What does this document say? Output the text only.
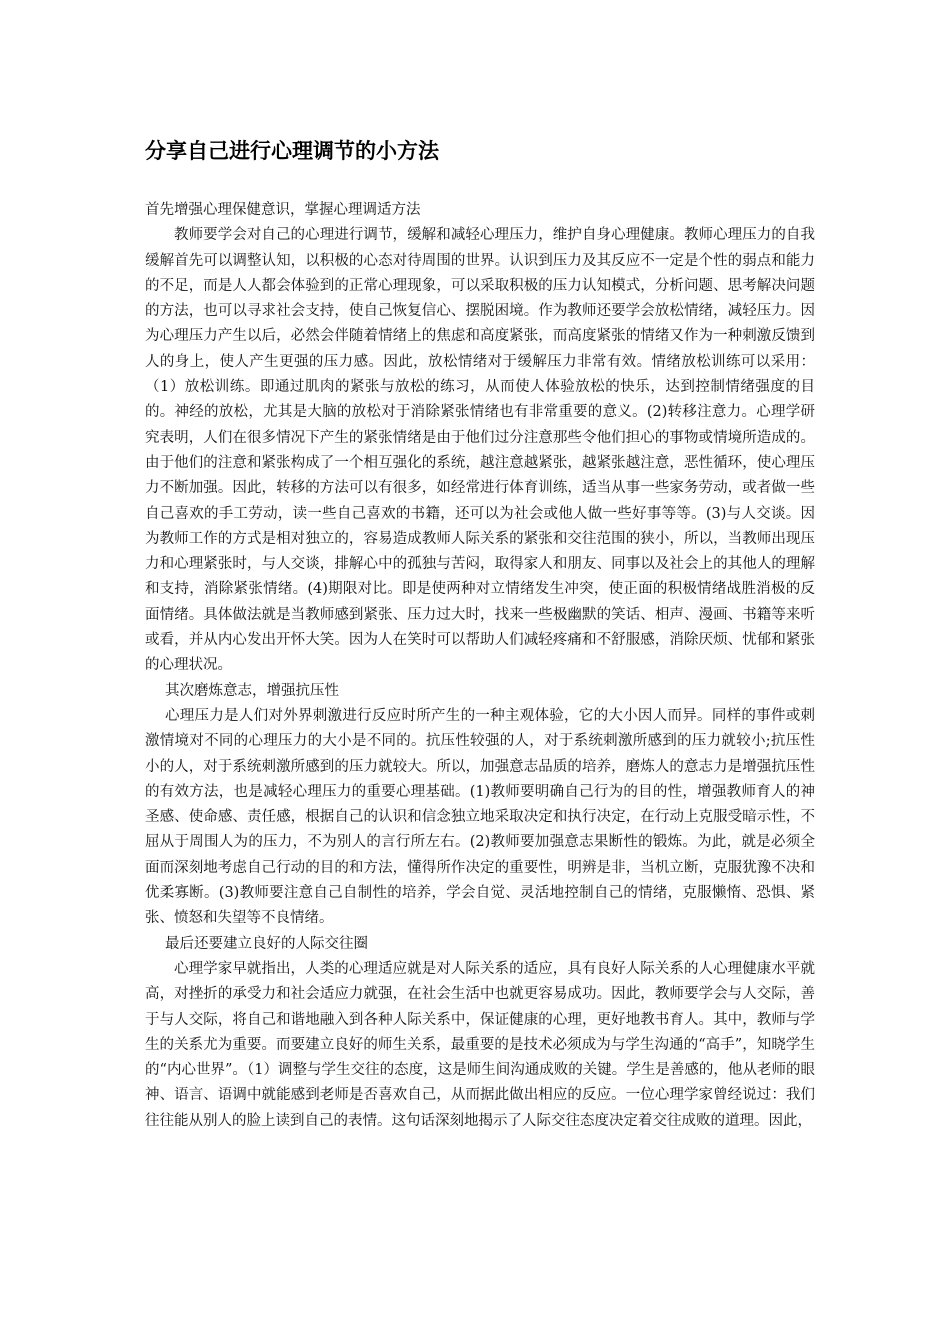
分享自己进行心理调节的小方法

首先增强心理保健意识，掌握心理调适方法

教师要学会对自己的心理进行调节，缓解和减轻心理压力，维护自身心理健康。教师心理压力的自我缓解首先可以调整认知，以积极的心态对待周围的世界。认识到压力及其反应不一定是个性的弱点和能力的不足，而是人人都会体验到的正常心理现象，可以采取积极的压力认知模式，分析问题、思考解决问题的方法，也可以寻求社会支持，使自己恢复信心、摆脱困境。作为教师还要学会放松情绪，减轻压力。因为心理压力产生以后，必然会伴随着情绪上的焦虑和高度紧张，而高度紧张的情绪又作为一种刺激反馈到人的身上，使人产生更强的压力感。因此，放松情绪对于缓解压力非常有效。情绪放松训练可以采用：（1）放松训练。即通过肌肉的紧张与放松的练习，从而使人体验放松的快乐，达到控制情绪强度的目的。神经的放松，尤其是大脑的放松对于消除紧张情绪也有非常重要的意义。(2)转移注意力。心理学研究表明，人们在很多情况下产生的紧张情绪是由于他们过分注意那些令他们担心的事物或情境所造成的。由于他们的注意和紧张构成了一个相互强化的系统，越注意越紧张，越紧张越注意，恶性循环，使心理压力不断加强。因此，转移的方法可以有很多，如经常进行体育训练，适当从事一些家务劳动，或者做一些自己喜欢的手工劳动，读一些自己喜欢的书籍，还可以为社会或他人做一些好事等等。(3)与人交谈。因为教师工作的方式是相对独立的，容易造成教师人际关系的紧张和交往范围的狭小，所以，当教师出现压力和心理紧张时，与人交谈，排解心中的孤独与苦闷，取得家人和朋友、同事以及社会上的其他人的理解和支持，消除紧张情绪。(4)期限对比。即是使两种对立情绪发生冲突，使正面的积极情绪战胜消极的反面情绪。具体做法就是当教师感到紧张、压力过大时，找来一些极幽默的笑话、相声、漫画、书籍等来听或看，并从内心发出开怀大笑。因为人在笑时可以帮助人们减轻疼痛和不舒服感，消除厌烦、忧郁和紧张的心理状况。

其次磨炼意志，增强抗压性

心理压力是人们对外界刺激进行反应时所产生的一种主观体验，它的大小因人而异。同样的事件或刺激情境对不同的心理压力的大小是不同的。抗压性较强的人，对于系统刺激所感到的压力就较小;抗压性小的人，对于系统刺激所感到的压力就较大。所以，加强意志品质的培养，磨炼人的意志力是增强抗压性的有效方法，也是减轻心理压力的重要心理基础。(1)教师要明确自己行为的目的性，增强教师育人的神圣感、使命感、责任感，根据自己的认识和信念独立地采取决定和执行决定，在行动上克服受暗示性，不屈从于周围人为的压力，不为别人的言行所左右。(2)教师要加强意志果断性的锻炼。为此，就是必须全面而深刻地考虑自己行动的目的和方法，懂得所作决定的重要性，明辨是非，当机立断，克服犹豫不决和优柔寡断。(3)教师要注意自己自制性的培养，学会自觉、灵活地控制自己的情绪，克服懒惰、恐惧、紧张、愤怒和失望等不良情绪。

最后还要建立良好的人际交往圈

心理学家早就指出，人类的心理适应就是对人际关系的适应，具有良好人际关系的人心理健康水平就高，对挫折的承受力和社会适应力就强，在社会生活中也就更容易成功。因此，教师要学会与人交际，善于与人交际，将自己和谐地融入到各种人际关系中，保证健康的心理，更好地教书育人。其中，教师与学生的关系尤为重要。而要建立良好的师生关系，最重要的是技术必须成为与学生沟通的“高手”，知晓学生的“内心世界”。（1）调整与学生交往的态度，这是师生间沟通成败的关键。学生是善感的，他从老师的眼神、语言、语调中就能感到老师是否喜欢自己，从而据此做出相应的反应。一位心理学家曾经说过：我们往往能从别人的脸上读到自己的表情。这句话深刻地揭示了人际交往态度决定着交往成败的道理。因此，
